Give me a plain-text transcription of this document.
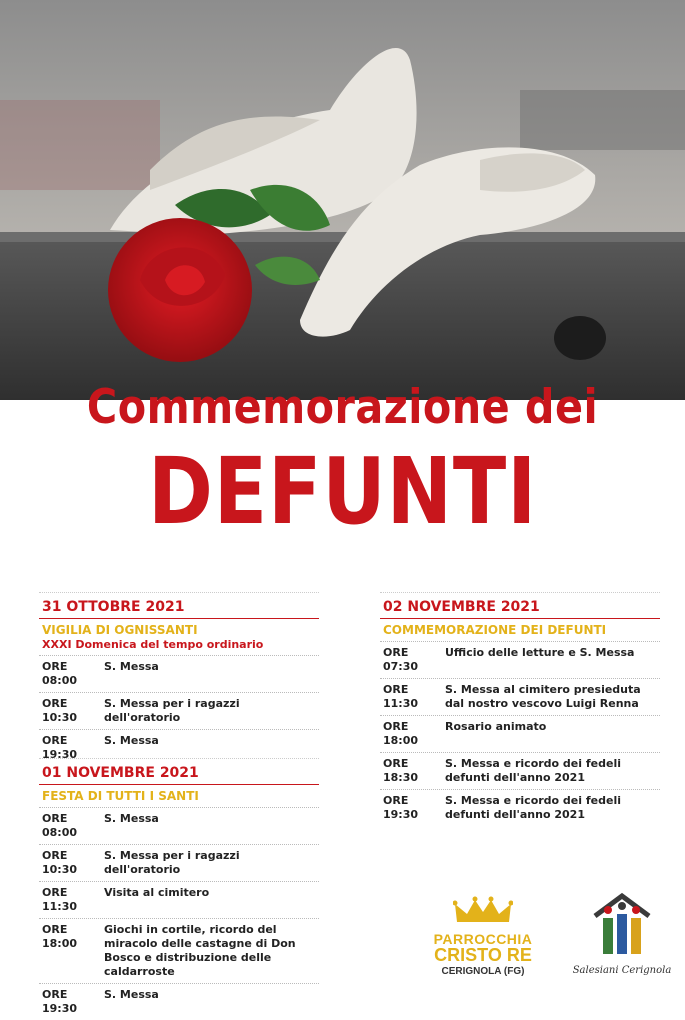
Commemorazione dei
DEFUNTI
31 OTTOBRE 2021
VIGILIA DI OGNISSANTI
XXXI Domenica del tempo ordinario
ORE 08:00
S. Messa
ORE 10:30
S. Messa per i ragazzi dell'oratorio
ORE 19:30
S. Messa
01 NOVEMBRE 2021
FESTA DI TUTTI I SANTI
ORE 08:00
S. Messa
ORE 10:30
S. Messa per i ragazzi dell'oratorio
ORE 11:30
Visita al cimitero
ORE 18:00
Giochi in cortile, ricordo del miracolo delle castagne di Don Bosco e distribuzione delle caldarroste
ORE 19:30
S. Messa
02 NOVEMBRE 2021
COMMEMORAZIONE DEI DEFUNTI
ORE 07:30
Ufficio delle letture e S. Messa
ORE 11:30
S. Messa al cimitero presieduta dal nostro vescovo Luigi Renna
ORE 18:00
Rosario animato
ORE 18:30
S. Messa e ricordo dei fedeli defunti dell'anno 2021
ORE 19:30
S. Messa e ricordo dei fedeli defunti dell'anno 2021
PARROCCHIA
CRISTO RE
CERIGNOLA (FG)	Salesiani Cerignola
